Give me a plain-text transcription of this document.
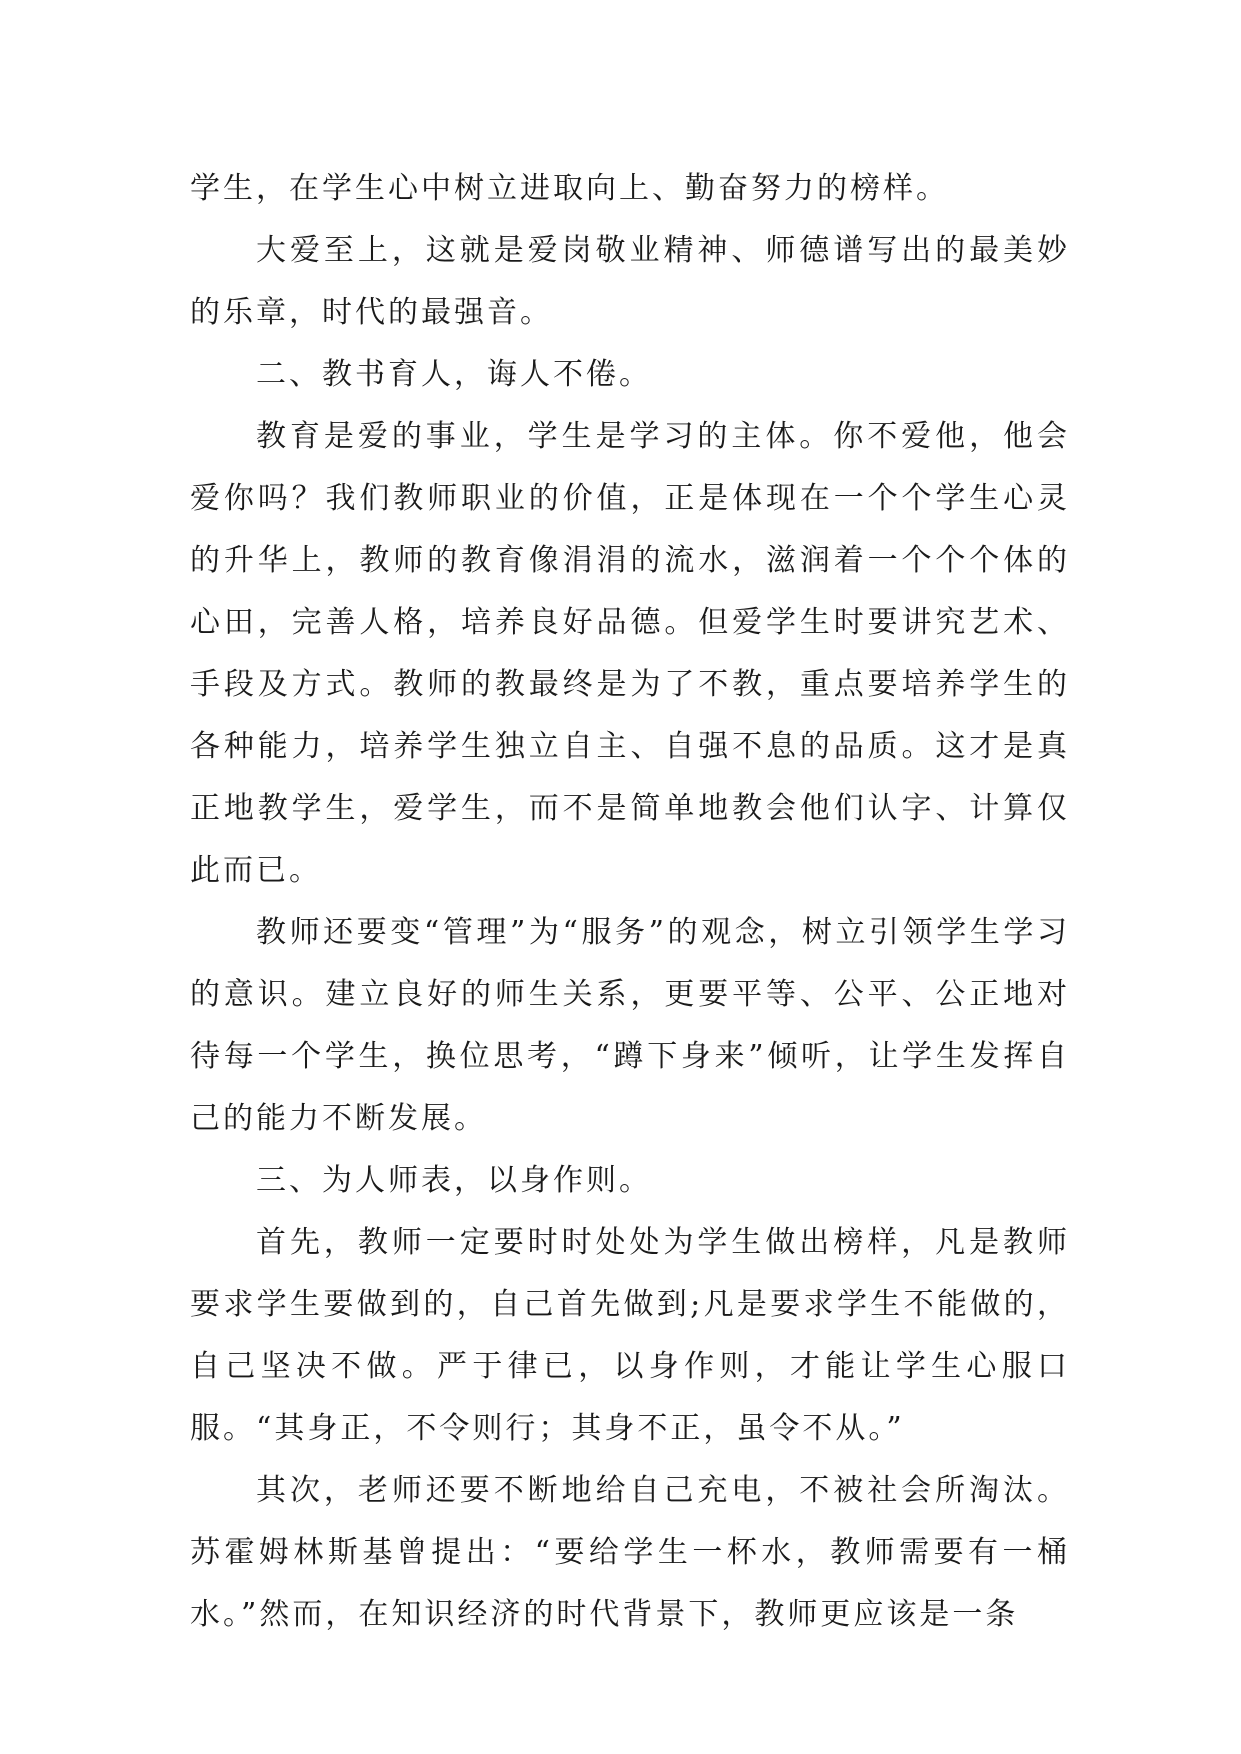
学生，在学生心中树立进取向上、勤奋努力的榜样。

大爱至上，这就是爱岗敬业精神、师德谱写出的最美妙的乐章，时代的最强音。

二、教书育人，诲人不倦。

教育是爱的事业，学生是学习的主体。你不爱他，他会爱你吗？我们教师职业的价值，正是体现在一个个学生心灵的升华上，教师的教育像涓涓的流水，滋润着一个个个体的心田，完善人格，培养良好品德。但爱学生时要讲究艺术、手段及方式。教师的教最终是为了不教，重点要培养学生的各种能力，培养学生独立自主、自强不息的品质。这才是真正地教学生，爱学生，而不是简单地教会他们认字、计算仅此而已。

教师还要变“管理”为“服务”的观念，树立引领学生学习的意识。建立良好的师生关系，更要平等、公平、公正地对待每一个学生，换位思考，“蹲下身来”倾听，让学生发挥自己的能力不断发展。

三、为人师表，以身作则。

首先，教师一定要时时处处为学生做出榜样，凡是教师要求学生要做到的，自己首先做到;凡是要求学生不能做的，自己坚决不做。严于律已，以身作则，才能让学生心服口服。“其身正，不令则行；其身不正，虽令不从。”

其次，老师还要不断地给自己充电，不被社会所淘汰。苏霍姆林斯基曾提出：“要给学生一杯水，教师需要有一桶水。”然而，在知识经济的时代背景下，教师更应该是一条
